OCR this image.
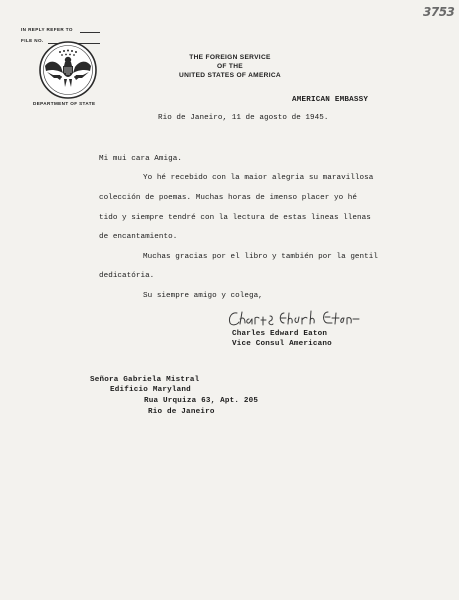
3753
IN REPLY REFER TO
FILE NO.
DEPARTMENT OF STATE
THE FOREIGN SERVICE
OF THE
UNITED STATES OF AMERICA
AMERICAN EMBASSY
Rio de Janeiro, 11 de agosto de 1945.
Mi mui cara Amiga.
Yo hé recebido con la maior alegria su maravillosa
colección de poemas. Muchas horas de imenso placer yo hé
tido y siempre tendré con la lectura de estas lineas llenas
de encantamiento.
Muchas gracias por el libro y también por la gentil
dedicatória.
Su siempre amigo y colega,
Charles Edward Eaton
Vice Consul Americano
Señora Gabriela Mistral
Edificio Maryland
Rua Urquiza 63, Apt. 205
Rio de Janeiro
